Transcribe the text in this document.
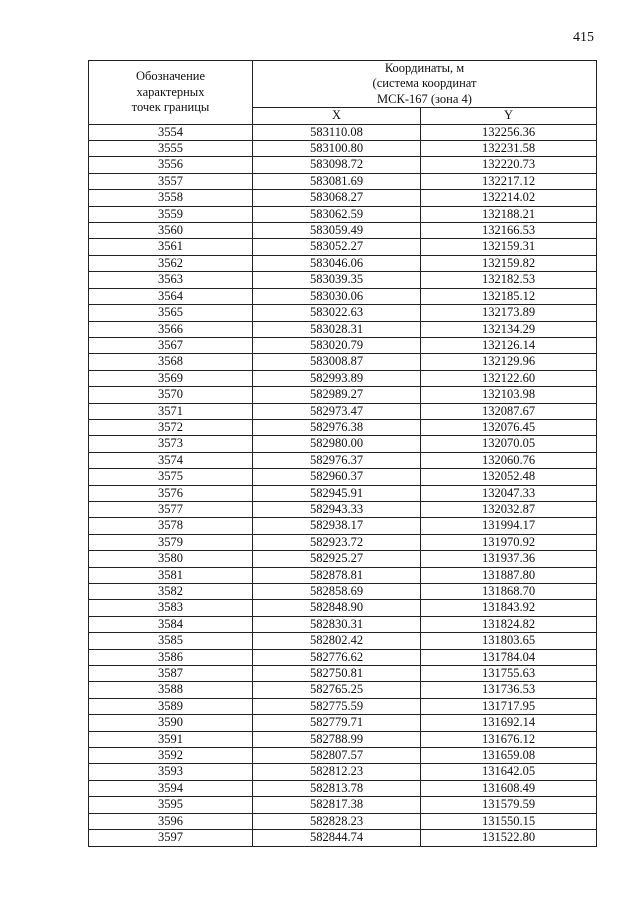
415
Обозначение
характерных
точек границы	Координаты, м
(система координат
МСК-167 (зона 4)	

	X	Y
3554	583110.08	132256.36
3555	583100.80	132231.58
3556	583098.72	132220.73
3557	583081.69	132217.12
3558	583068.27	132214.02
3559	583062.59	132188.21
3560	583059.49	132166.53
3561	583052.27	132159.31
3562	583046.06	132159.82
3563	583039.35	132182.53
3564	583030.06	132185.12
3565	583022.63	132173.89
3566	583028.31	132134.29
3567	583020.79	132126.14
3568	583008.87	132129.96
3569	582993.89	132122.60
3570	582989.27	132103.98
3571	582973.47	132087.67
3572	582976.38	132076.45
3573	582980.00	132070.05
3574	582976.37	132060.76
3575	582960.37	132052.48
3576	582945.91	132047.33
3577	582943.33	132032.87
3578	582938.17	131994.17
3579	582923.72	131970.92
3580	582925.27	131937.36
3581	582878.81	131887.80
3582	582858.69	131868.70
3583	582848.90	131843.92
3584	582830.31	131824.82
3585	582802.42	131803.65
3586	582776.62	131784.04
3587	582750.81	131755.63
3588	582765.25	131736.53
3589	582775.59	131717.95
3590	582779.71	131692.14
3591	582788.99	131676.12
3592	582807.57	131659.08
3593	582812.23	131642.05
3594	582813.78	131608.49
3595	582817.38	131579.59
3596	582828.23	131550.15
3597	582844.74	131522.80
